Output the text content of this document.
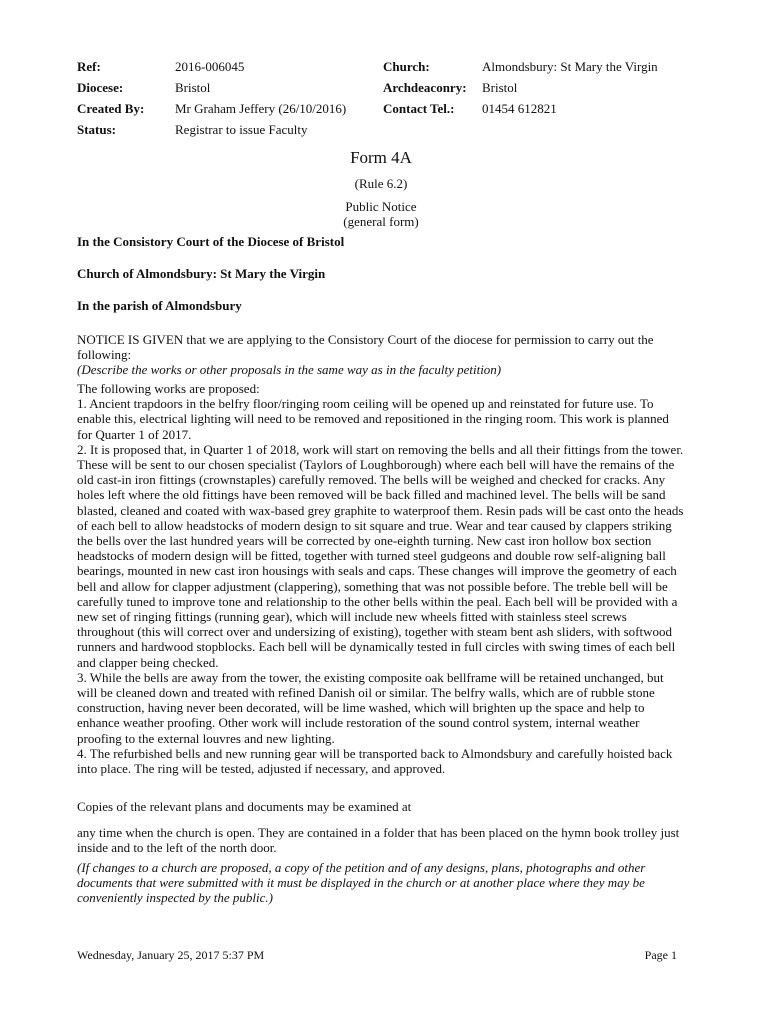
Ref:	2016-006045	Church:	Almondsbury: St Mary the Virgin
Diocese:	Bristol	Archdeaconry: Bristol
Created By: Mr Graham Jeffery (26/10/2016)	Contact Tel.: 01454 612821
Status:	Registrar to issue Faculty
Form 4A
(Rule 6.2)
Public Notice
(general form)
In the Consistory Court of the Diocese of Bristol
Church of Almondsbury: St Mary the Virgin
In the parish of Almondsbury
NOTICE IS GIVEN that we are applying to the Consistory Court of the diocese for permission to carry out the following:
(Describe the works or other proposals in the same way as in the faculty petition)

The following works are proposed:

1. Ancient trapdoors in the belfry floor/ringing room ceiling will be opened up and reinstated for future use. To enable this, electrical lighting will need to be removed and repositioned in the ringing room. This work is planned for Quarter 1 of 2017.

2. It is proposed that, in Quarter 1 of 2018, work will start on removing the bells and all their fittings from the tower. These will be sent to our chosen specialist (Taylors of Loughborough) where each bell will have the remains of the old cast-in iron fittings (crownstaples) carefully removed. The bells will be weighed and checked for cracks. Any holes left where the old fittings have been removed will be back filled and machined level. The bells will be sand blasted, cleaned and coated with wax-based grey graphite to waterproof them. Resin pads will be cast onto the heads of each bell to allow headstocks of modern design to sit square and true. Wear and tear caused by clappers striking the bells over the last hundred years will be corrected by one-eighth turning. New cast iron hollow box section headstocks of modern design will be fitted, together with turned steel gudgeons and double row self-aligning ball bearings, mounted in new cast iron housings with seals and caps. These changes will improve the geometry of each bell and allow for clapper adjustment (clappering), something that was not possible before. The treble bell will be carefully tuned to improve tone and relationship to the other bells within the peal. Each bell will be provided with a new set of ringing fittings (running gear), which will include new wheels fitted with stainless steel screws throughout (this will correct over and undersizing of existing), together with steam bent ash sliders, with softwood runners and hardwood stopblocks. Each bell will be dynamically tested in full circles with swing times of each bell and clapper being checked.

3. While the bells are away from the tower, the existing composite oak bellframe will be retained unchanged, but will be cleaned down and treated with refined Danish oil or similar. The belfry walls, which are of rubble stone construction, having never been decorated, will be lime washed, which will brighten up the space and help to enhance weather proofing. Other work will include restoration of the sound control system, internal weather proofing to the external louvres and new lighting.

4. The refurbished bells and new running gear will be transported back to Almondsbury and carefully hoisted back into place. The ring will be tested, adjusted if necessary, and approved.

Copies of the relevant plans and documents may be examined at
any time when the church is open. They are contained in a folder that has been placed on the hymn book trolley just inside and to the left of the north door.
(If changes to a church are proposed, a copy of the petition and of any designs, plans, photographs and other documents that were submitted with it must be displayed in the church or at another place where they may be conveniently inspected by the public.)
Wednesday, January 25, 2017 5:37 PM	Page 1
